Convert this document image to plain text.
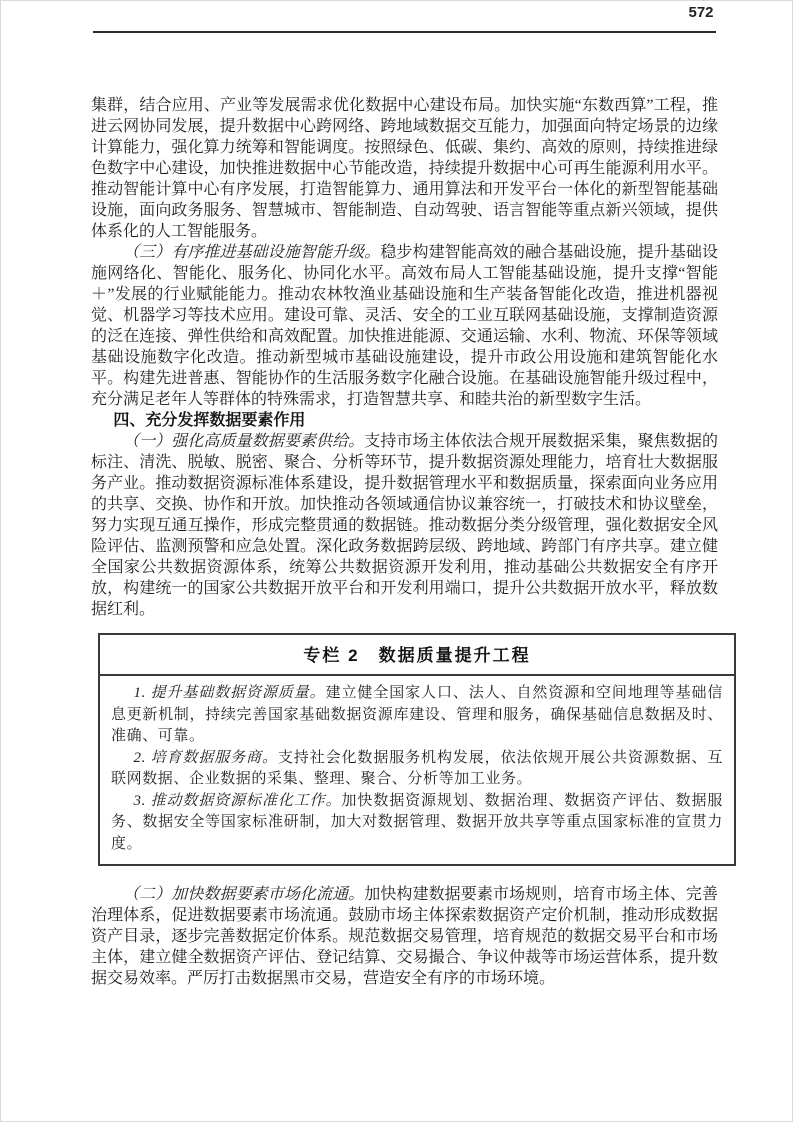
572

集群，结合应用、产业等发展需求优化数据中心建设布局。加快实施“东数西算”工程，推进云网协同发展，提升数据中心跨网络、跨地域数据交互能力，加强面向特定场景的边缘计算能力，强化算力统筹和智能调度。按照绿色、低碳、集约、高效的原则，持续推进绿色数字中心建设，加快推进数据中心节能改造，持续提升数据中心可再生能源利用水平。推动智能计算中心有序发展，打造智能算力、通用算法和开发平台一体化的新型智能基础设施，面向政务服务、智慧城市、智能制造、自动驾驶、语言智能等重点新兴领域，提供体系化的人工智能服务。

（三）有序推进基础设施智能升级。稳步构建智能高效的融合基础设施，提升基础设施网络化、智能化、服务化、协同化水平。高效布局人工智能基础设施，提升支撑“智能＋”发展的行业赋能能力。推动农林牧渔业基础设施和生产装备智能化改造，推进机器视觉、机器学习等技术应用。建设可靠、灵活、安全的工业互联网基础设施，支撑制造资源的泛在连接、弹性供给和高效配置。加快推进能源、交通运输、水利、物流、环保等领域基础设施数字化改造。推动新型城市基础设施建设，提升市政公用设施和建筑智能化水平。构建先进普惠、智能协作的生活服务数字化融合设施。在基础设施智能升级过程中，充分满足老年人等群体的特殊需求，打造智慧共享、和睦共治的新型数字生活。

四、充分发挥数据要素作用

（一）强化高质量数据要素供给。支持市场主体依法合规开展数据采集，聚焦数据的标注、清洗、脱敏、脱密、聚合、分析等环节，提升数据资源处理能力，培育壮大数据服务产业。推动数据资源标准体系建设，提升数据管理水平和数据质量，探索面向业务应用的共享、交换、协作和开放。加快推动各领域通信协议兼容统一，打破技术和协议壁垒，努力实现互通互操作，形成完整贯通的数据链。推动数据分类分级管理，强化数据安全风险评估、监测预警和应急处置。深化政务数据跨层级、跨地域、跨部门有序共享。建立健全国家公共数据资源体系，统筹公共数据资源开发利用，推动基础公共数据安全有序开放，构建统一的国家公共数据开放平台和开发利用端口，提升公共数据开放水平，释放数据红利。

专栏 2　数据质量提升工程

1. 提升基础数据资源质量。建立健全国家人口、法人、自然资源和空间地理等基础信息更新机制，持续完善国家基础数据资源库建设、管理和服务，确保基础信息数据及时、准确、可靠。

2. 培育数据服务商。支持社会化数据服务机构发展，依法依规开展公共资源数据、互联网数据、企业数据的采集、整理、聚合、分析等加工业务。

3. 推动数据资源标准化工作。加快数据资源规划、数据治理、数据资产评估、数据服务、数据安全等国家标准研制，加大对数据管理、数据开放共享等重点国家标准的宣贯力度。

（二）加快数据要素市场化流通。加快构建数据要素市场规则，培育市场主体、完善治理体系，促进数据要素市场流通。鼓励市场主体探索数据资产定价机制，推动形成数据资产目录，逐步完善数据定价体系。规范数据交易管理，培育规范的数据交易平台和市场主体，建立健全数据资产评估、登记结算、交易撮合、争议仲裁等市场运营体系，提升数据交易效率。严厉打击数据黑市交易，营造安全有序的市场环境。
